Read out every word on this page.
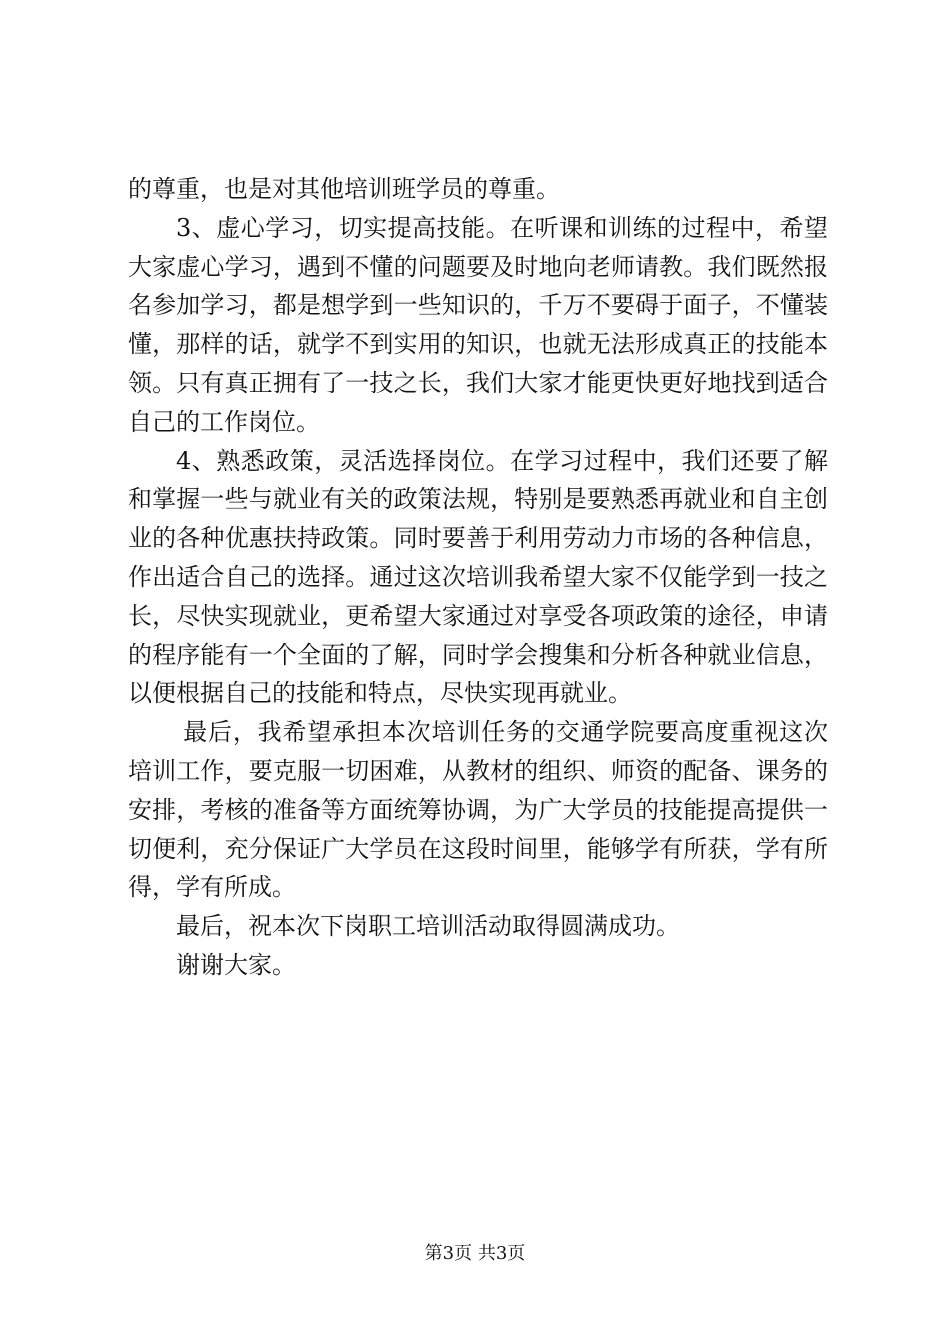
的尊重，也是对其他培训班学员的尊重。

3、虚心学习，切实提高技能。在听课和训练的过程中，希望大家虚心学习，遇到不懂的问题要及时地向老师请教。我们既然报名参加学习，都是想学到一些知识的，千万不要碍于面子，不懂装懂，那样的话，就学不到实用的知识，也就无法形成真正的技能本领。只有真正拥有了一技之长，我们大家才能更快更好地找到适合自己的工作岗位。

4、熟悉政策，灵活选择岗位。在学习过程中，我们还要了解和掌握一些与就业有关的政策法规，特别是要熟悉再就业和自主创业的各种优惠扶持政策。同时要善于利用劳动力市场的各种信息，作出适合自己的选择。通过这次培训我希望大家不仅能学到一技之长，尽快实现就业，更希望大家通过对享受各项政策的途径，申请的程序能有一个全面的了解，同时学会搜集和分析各种就业信息，以便根据自己的技能和特点，尽快实现再就业。

最后，我希望承担本次培训任务的交通学院要高度重视这次培训工作，要克服一切困难，从教材的组织、师资的配备、课务的安排，考核的准备等方面统筹协调，为广大学员的技能提高提供一切便利，充分保证广大学员在这段时间里，能够学有所获，学有所得，学有所成。

最后，祝本次下岗职工培训活动取得圆满成功。

谢谢大家。

第3页 共3页
